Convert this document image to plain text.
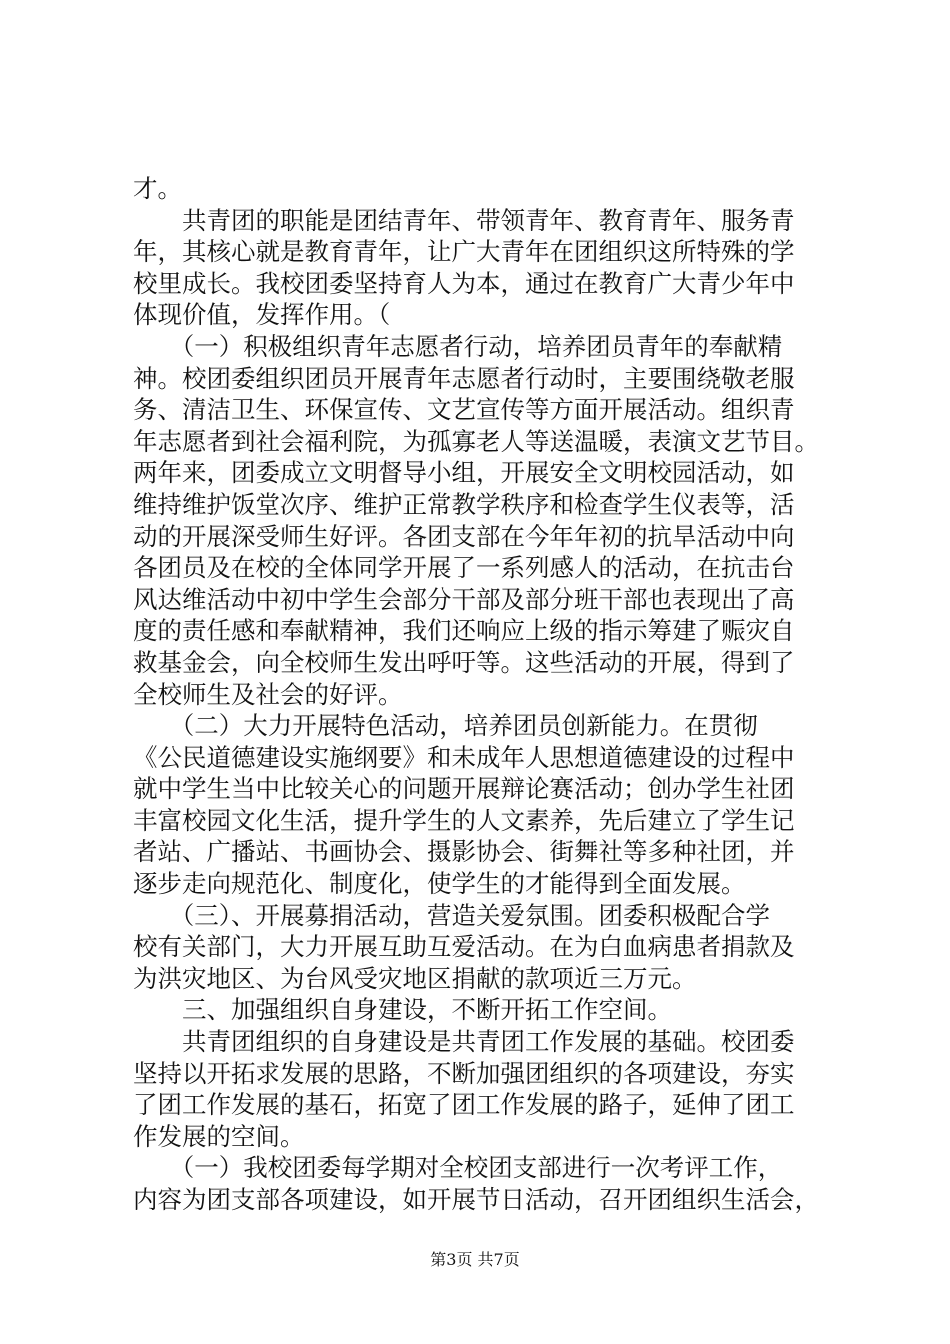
才。
　　共青团的职能是团结青年、带领青年、教育青年、服务青
年，其核心就是教育青年，让广大青年在团组织这所特殊的学
校里成长。我校团委坚持育人为本，通过在教育广大青少年中
体现价值，发挥作用。（
　　（一）积极组织青年志愿者行动，培养团员青年的奉献精
神。校团委组织团员开展青年志愿者行动时，主要围绕敬老服
务、清洁卫生、环保宣传、文艺宣传等方面开展活动。组织青
年志愿者到社会福利院，为孤寡老人等送温暖，表演文艺节目。
两年来，团委成立文明督导小组，开展安全文明校园活动，如
维持维护饭堂次序、维护正常教学秩序和检查学生仪表等，活
动的开展深受师生好评。各团支部在今年年初的抗旱活动中向
各团员及在校的全体同学开展了一系列感人的活动，在抗击台
风达维活动中初中学生会部分干部及部分班干部也表现出了高
度的责任感和奉献精神，我们还响应上级的指示筹建了赈灾自
救基金会，向全校师生发出呼吁等。这些活动的开展，得到了
全校师生及社会的好评。
　　（二）大力开展特色活动，培养团员创新能力。在贯彻
《公民道德建设实施纲要》和未成年人思想道德建设的过程中
就中学生当中比较关心的问题开展辩论赛活动；创办学生社团
丰富校园文化生活，提升学生的人文素养，先后建立了学生记
者站、广播站、书画协会、摄影协会、街舞社等多种社团，并
逐步走向规范化、制度化，使学生的才能得到全面发展。
　　（三）、开展募捐活动，营造关爱氛围。团委积极配合学
校有关部门，大力开展互助互爱活动。在为白血病患者捐款及
为洪灾地区、为台风受灾地区捐献的款项近三万元。
　　三、加强组织自身建设，不断开拓工作空间。
　　共青团组织的自身建设是共青团工作发展的基础。校团委
坚持以开拓求发展的思路，不断加强团组织的各项建设，夯实
了团工作发展的基石，拓宽了团工作发展的路子，延伸了团工
作发展的空间。
　　（一）我校团委每学期对全校团支部进行一次考评工作，
内容为团支部各项建设，如开展节日活动，召开团组织生活会，
第3页 共7页
